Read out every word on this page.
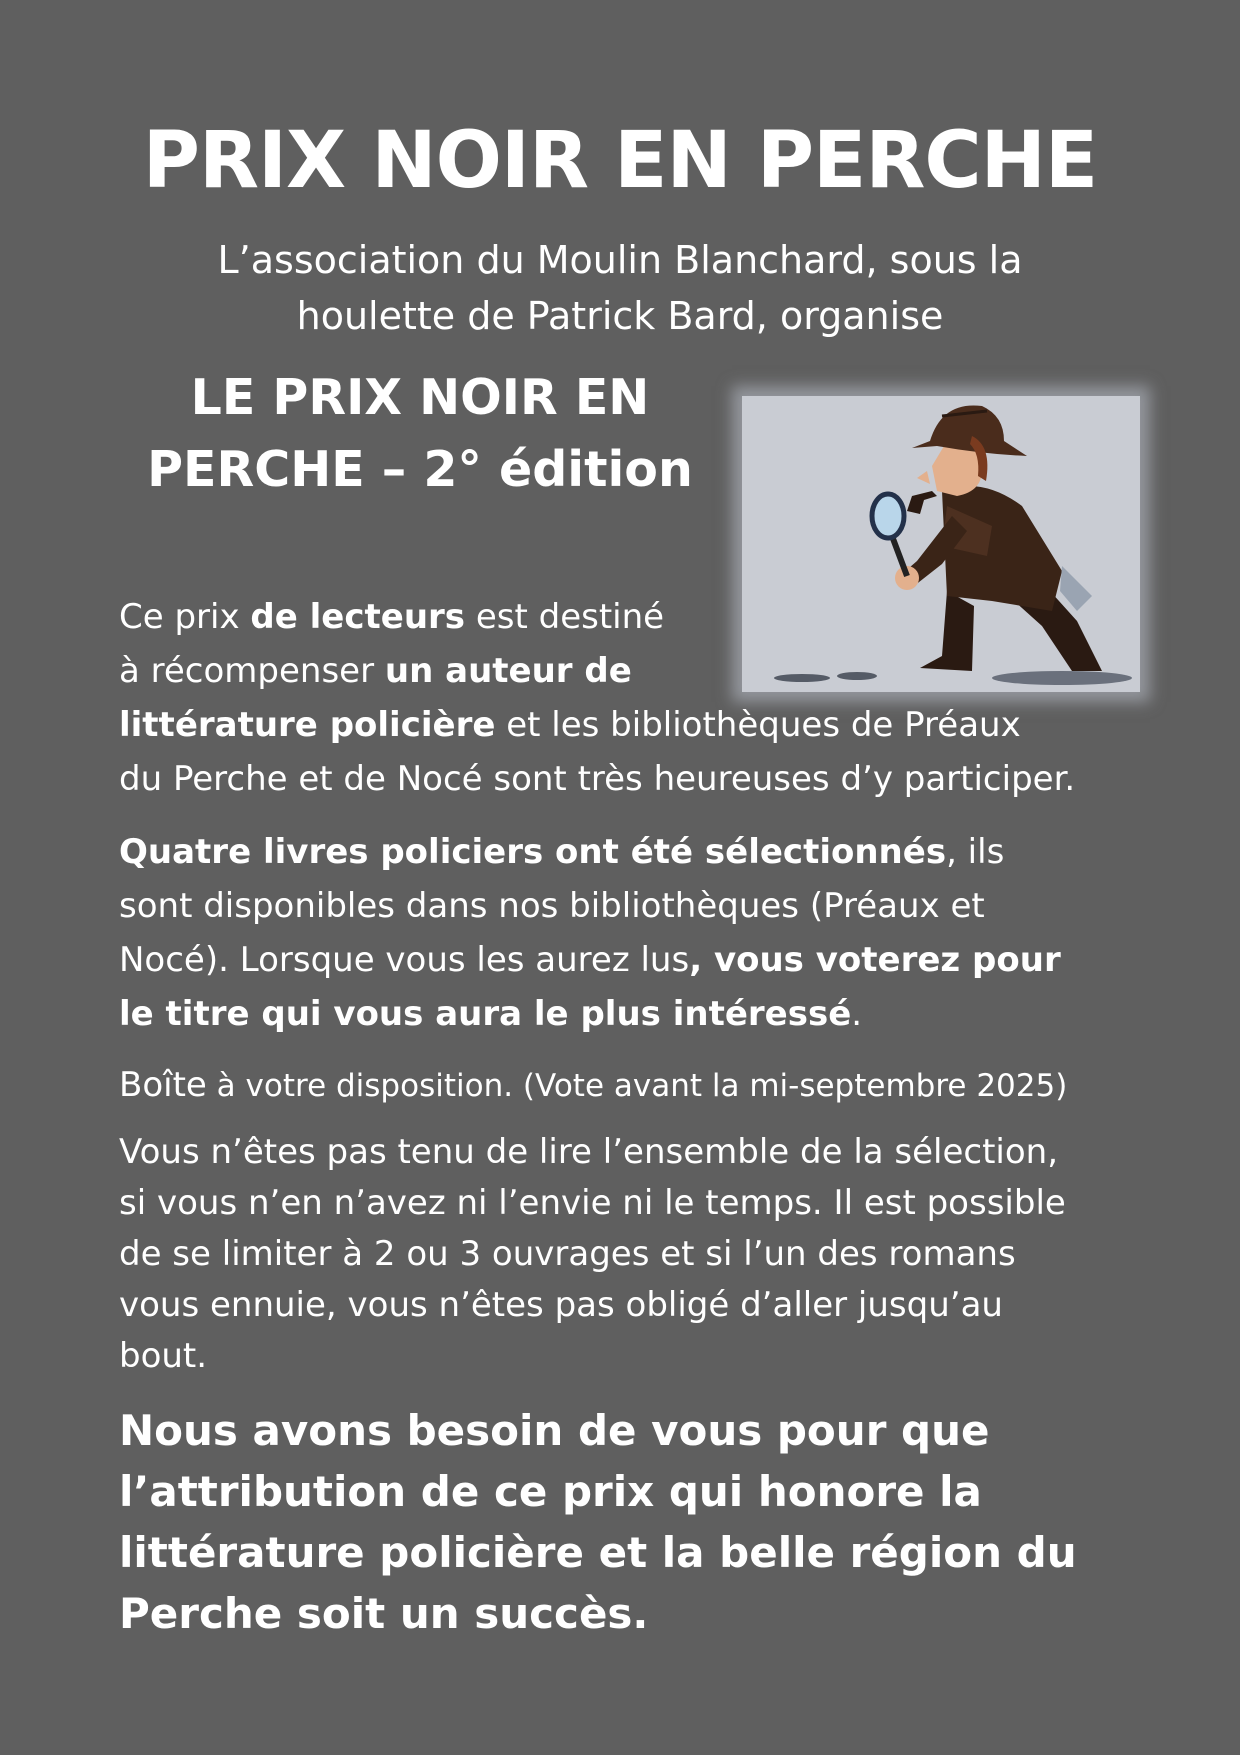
PRIX NOIR EN PERCHE

L’association du Moulin Blanchard, sous la
houlette de Patrick Bard, organise

LE PRIX NOIR EN
PERCHE – 2° édition
Ce prix de lecteurs est destiné
à récompenser un auteur de
littérature policière et les bibliothèques de Préaux
du Perche et de Nocé sont très heureuses d’y participer.
Quatre livres policiers ont été sélectionnés, ils
sont disponibles dans nos bibliothèques (Préaux et
Nocé). Lorsque vous les aurez lus, vous voterez pour
le titre qui vous aura le plus intéressé.
Boîte à votre disposition. (Vote avant la mi-septembre 2025)
Vous n’êtes pas tenu de lire l’ensemble de la sélection,
si vous n’en n’avez ni l’envie ni le temps. Il est possible
de se limiter à 2 ou 3 ouvrages et si l’un des romans
vous ennuie, vous n’êtes pas obligé d’aller jusqu’au
bout.
Nous avons besoin de vous pour que
l’attribution de ce prix qui honore la
littérature policière et la belle région du
Perche soit un succès.
